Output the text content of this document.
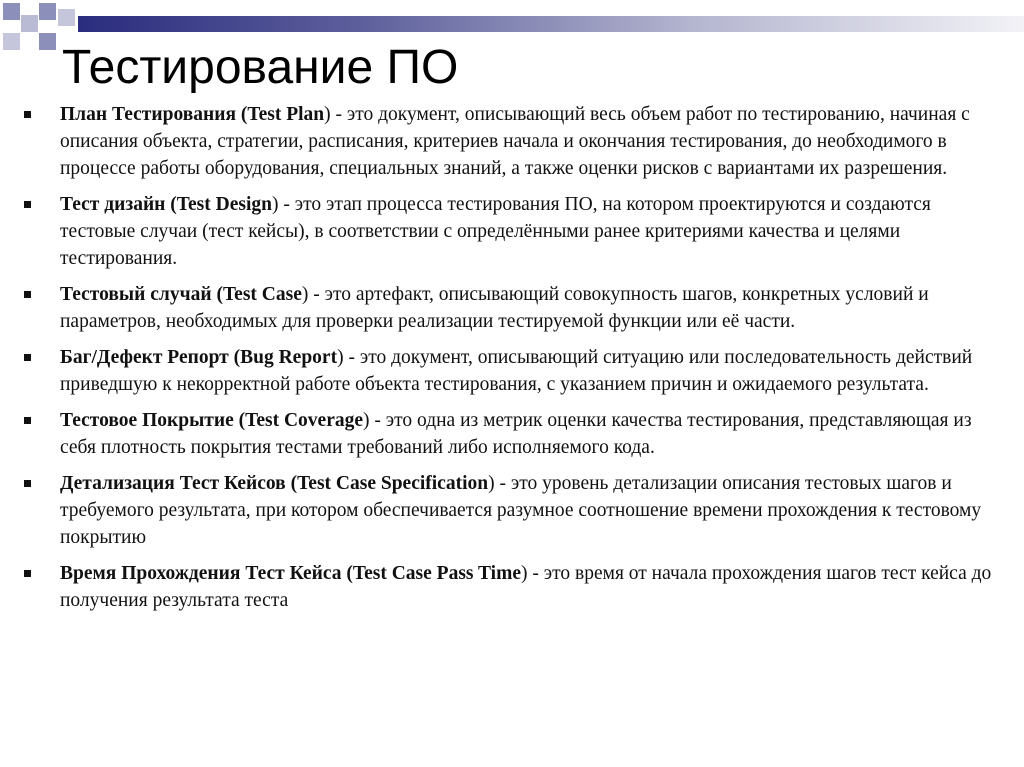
Тестирование ПО
План Тестирования (Test Plan) - это документ, описывающий весь объем работ по тестированию, начиная с описания объекта, стратегии, расписания, критериев начала и окончания тестирования, до необходимого в процессе работы оборудования, специальных знаний, а также оценки рисков с вариантами их разрешения.
Тест дизайн (Test Design) - это этап процесса тестирования ПО, на котором проектируются и создаются тестовые случаи (тест кейсы), в соответствии с определёнными ранее критериями качества и целями тестирования.
Тестовый случай (Test Case) - это артефакт, описывающий совокупность шагов, конкретных условий и параметров, необходимых для проверки реализации тестируемой функции или её части.
Баг/Дефект Репорт (Bug Report) - это документ, описывающий ситуацию или последовательность действий приведшую к некорректной работе объекта тестирования, с указанием причин и ожидаемого результата.
Тестовое Покрытие (Test Coverage) - это одна из метрик оценки качества тестирования, представляющая из себя плотность покрытия тестами требований либо исполняемого кода.
Детализация Тест Кейсов (Test Case Specification) - это уровень детализации описания тестовых шагов и требуемого результата, при котором обеспечивается разумное соотношение времени прохождения к тестовому покрытию
Время Прохождения Тест Кейса (Test Case Pass Time) - это время от начала прохождения шагов тест кейса до получения результата теста
